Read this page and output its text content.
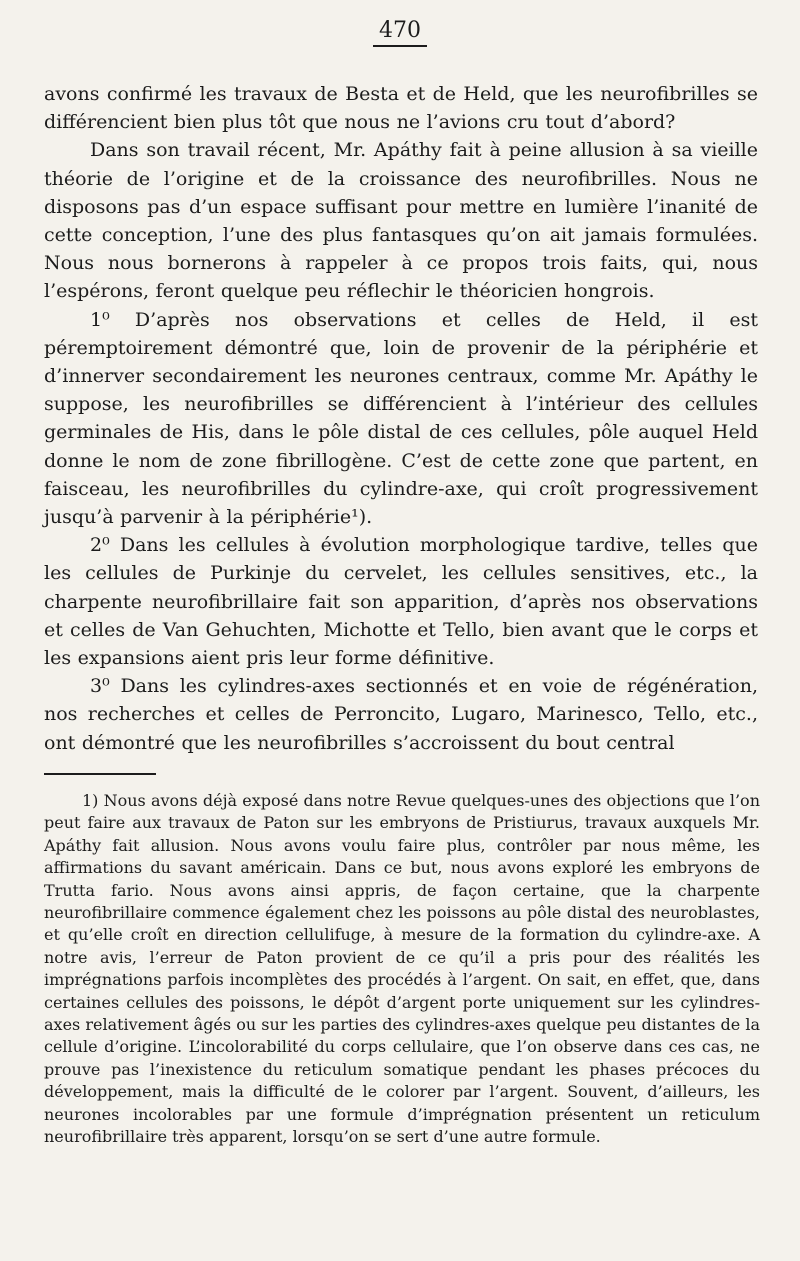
470

avons confirmé les travaux de Besta et de Held, que les neurofibrilles se différencient bien plus tôt que nous ne l’avions cru tout d’abord?

Dans son travail récent, Mr. Apáthy fait à peine allusion à sa vieille théorie de l’origine et de la croissance des neurofibrilles. Nous ne disposons pas d’un espace suffisant pour mettre en lumière l’inanité de cette conception, l’une des plus fantasques qu’on ait jamais formulées. Nous nous bornerons à rappeler à ce propos trois faits, qui, nous l’espérons, feront quelque peu réflechir le théoricien hongrois.

1⁰ D’après nos observations et celles de Held, il est péremptoirement démontré que, loin de provenir de la périphérie et d’innerver secondairement les neurones centraux, comme Mr. Apáthy le suppose, les neurofibrilles se différencient à l’intérieur des cellules germinales de His, dans le pôle distal de ces cellules, pôle auquel Held donne le nom de zone fibrillogène. C’est de cette zone que partent, en faisceau, les neurofibrilles du cylindre-axe, qui croît progressivement jusqu’à parvenir à la périphérie¹).

2⁰ Dans les cellules à évolution morphologique tardive, telles que les cellules de Purkinje du cervelet, les cellules sensitives, etc., la charpente neurofibrillaire fait son apparition, d’après nos observations et celles de Van Gehuchten, Michotte et Tello, bien avant que le corps et les expansions aient pris leur forme définitive.

3⁰ Dans les cylindres-axes sectionnés et en voie de régénération, nos recherches et celles de Perroncito, Lugaro, Marinesco, Tello, etc., ont démontré que les neurofibrilles s’accroissent du bout central

1) Nous avons déjà exposé dans notre Revue quelques-unes des objections que l’on peut faire aux travaux de Paton sur les embryons de Pristiurus, travaux auxquels Mr. Apáthy fait allusion. Nous avons voulu faire plus, contrôler par nous même, les affirmations du savant américain. Dans ce but, nous avons exploré les embryons de Trutta fario. Nous avons ainsi appris, de façon certaine, que la charpente neurofibrillaire commence également chez les poissons au pôle distal des neuroblastes, et qu’elle croît en direction cellulifuge, à mesure de la formation du cylindre-axe. A notre avis, l’erreur de Paton provient de ce qu’il a pris pour des réalités les imprégnations parfois incomplètes des procédés à l’argent. On sait, en effet, que, dans certaines cellules des poissons, le dépôt d’argent porte uniquement sur les cylindres-axes relativement âgés ou sur les parties des cylindres-axes quelque peu distantes de la cellule d’origine. L’incolorabilité du corps cellulaire, que l’on observe dans ces cas, ne prouve pas l’inexistence du reticulum somatique pendant les phases précoces du développement, mais la difficulté de le colorer par l’argent. Souvent, d’ailleurs, les neurones incolorables par une formule d’imprégnation présentent un reticulum neurofibrillaire très apparent, lorsqu’on se sert d’une autre formule.
